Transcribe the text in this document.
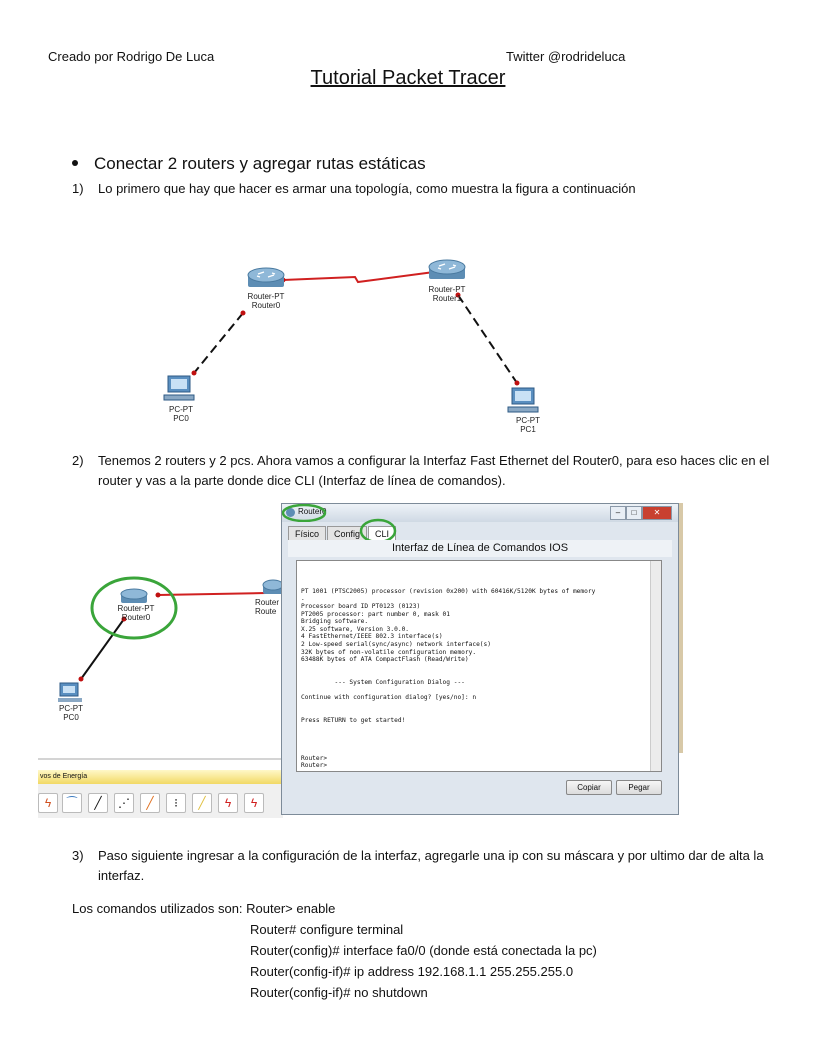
Creado por Rodrigo De Luca	Twitter @rodrideluca
Tutorial Packet Tracer
Conectar 2 routers y agregar rutas estáticas
1) Lo primero que hay que hacer es armar una topología, como muestra la figura a continuación
Router-PT
Router0
Router-PT
Router1
PC-PT
PC0	PC-PT
PC1
2) Tenemos 2 routers y 2 pcs. Ahora vamos a configurar la Interfaz Fast Ethernet del Router0, para eso haces clic en el router y vas a la parte donde dice CLI (Interfaz de línea de comandos).
Router-PT
Router0
Router
Route
PC-PT
PC0
vos de Energía
ϟ	⁀	╱	⋰	╱	⁝	╱	ϟ	ϟ
Router0	–	□	✕
Físico Config CLI
Interfaz de Línea de Comandos IOS

PT 1001 (PTSC2005) processor (revision 0x200) with 60416K/5120K bytes of memory
.
Processor board ID PT0123 (0123)
PT2005 processor: part number 0, mask 01
Bridging software.
X.25 software, Version 3.0.0.
4 FastEthernet/IEEE 802.3 interface(s)
2 Low-speed serial(sync/async) network interface(s)
32K bytes of non-volatile configuration memory.
63488K bytes of ATA CompactFlash (Read/Write)

--- System Configuration Dialog ---

Continue with configuration dialog? [yes/no]: n

Press RETURN to get started!

Router>
Router>
Copiar	Pegar
3) Paso siguiente ingresar a la configuración de la interfaz, agregarle una ip con su máscara y por ultimo dar de alta la interfaz.
Los comandos utilizados son: Router> enable
Router# configure terminal
Router(config)# interface fa0/0 (donde está conectada la pc)
Router(config-if)# ip address 192.168.1.1 255.255.255.0
Router(config-if)# no shutdown
